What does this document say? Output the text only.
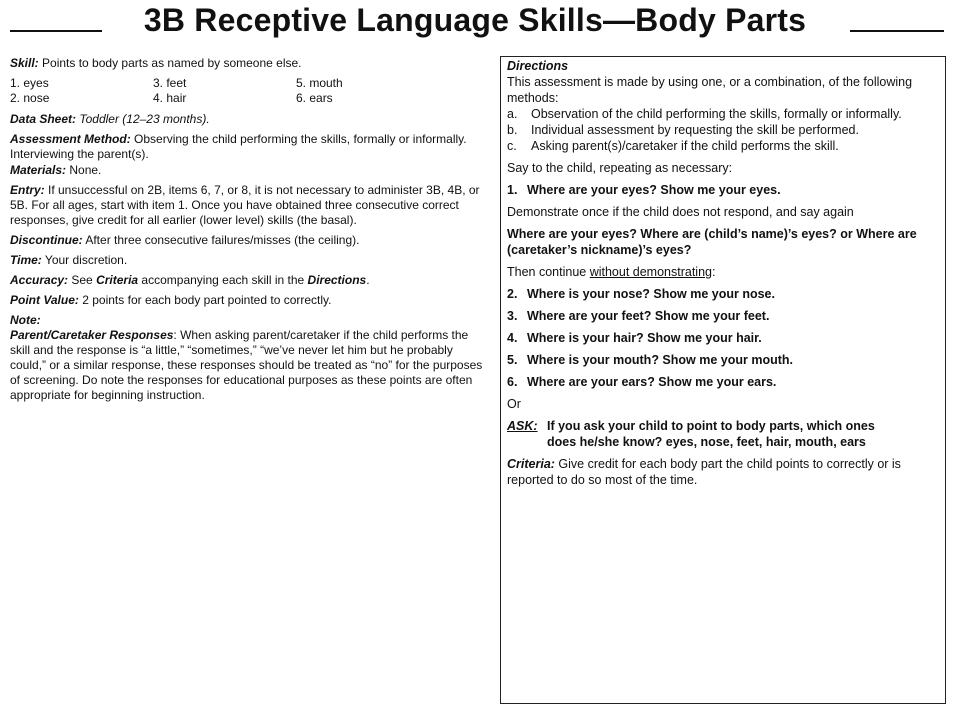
3B Receptive Language Skills—Body Parts

Skill: Points to body parts as named by someone else.

1. eyes	3. feet	5. mouth
2. nose	4. hair	6. ears

Data Sheet: Toddler (12–23 months).

Assessment Method: Observing the child performing the skills, formally or informally. Interviewing the parent(s).

Materials: None.

Entry: If unsuccessful on 2B, items 6, 7, or 8, it is not necessary to administer 3B, 4B, or 5B. For all ages, start with item 1. Once you have obtained three consecutive correct responses, give credit for all earlier (lower level) skills (the basal).

Discontinue: After three consecutive failures/misses (the ceiling).

Time: Your discretion.

Accuracy: See Criteria accompanying each skill in the Directions.

Point Value: 2 points for each body part pointed to correctly.

Note:

Parent/Caretaker Responses: When asking parent/caretaker if the child performs the skill and the response is “a little,” “sometimes,” “we’ve never let him but he probably could,” or a similar response, these responses should be treated as “no” for the purposes of screening. Do note the responses for educational purposes as these points are often appropriate for beginning instruction.

Directions
This assessment is made by using one, or a combination, of the following methods:
a.	Observation of the child performing the skills, formally or informally.
b.	Individual assessment by requesting the skill be performed.
c.	Asking parent(s)/caretaker if the child performs the skill.
Say to the child, repeating as necessary:
1. Where are your eyes? Show me your eyes.
Demonstrate once if the child does not respond, and say again
Where are your eyes? Where are (child’s name)’s eyes? or Where are (caretaker’s nickname)’s eyes?
Then continue without demonstrating:
2. Where is your nose? Show me your nose.
3. Where are your feet? Show me your feet.
4. Where is your hair? Show me your hair.
5. Where is your mouth? Show me your mouth.
6. Where are your ears? Show me your ears.
Or
ASK: If you ask your child to point to body parts, which ones
does he/she know? eyes, nose, feet, hair, mouth, ears
Criteria: Give credit for each body part the child points to correctly or is reported to do so most of the time.
